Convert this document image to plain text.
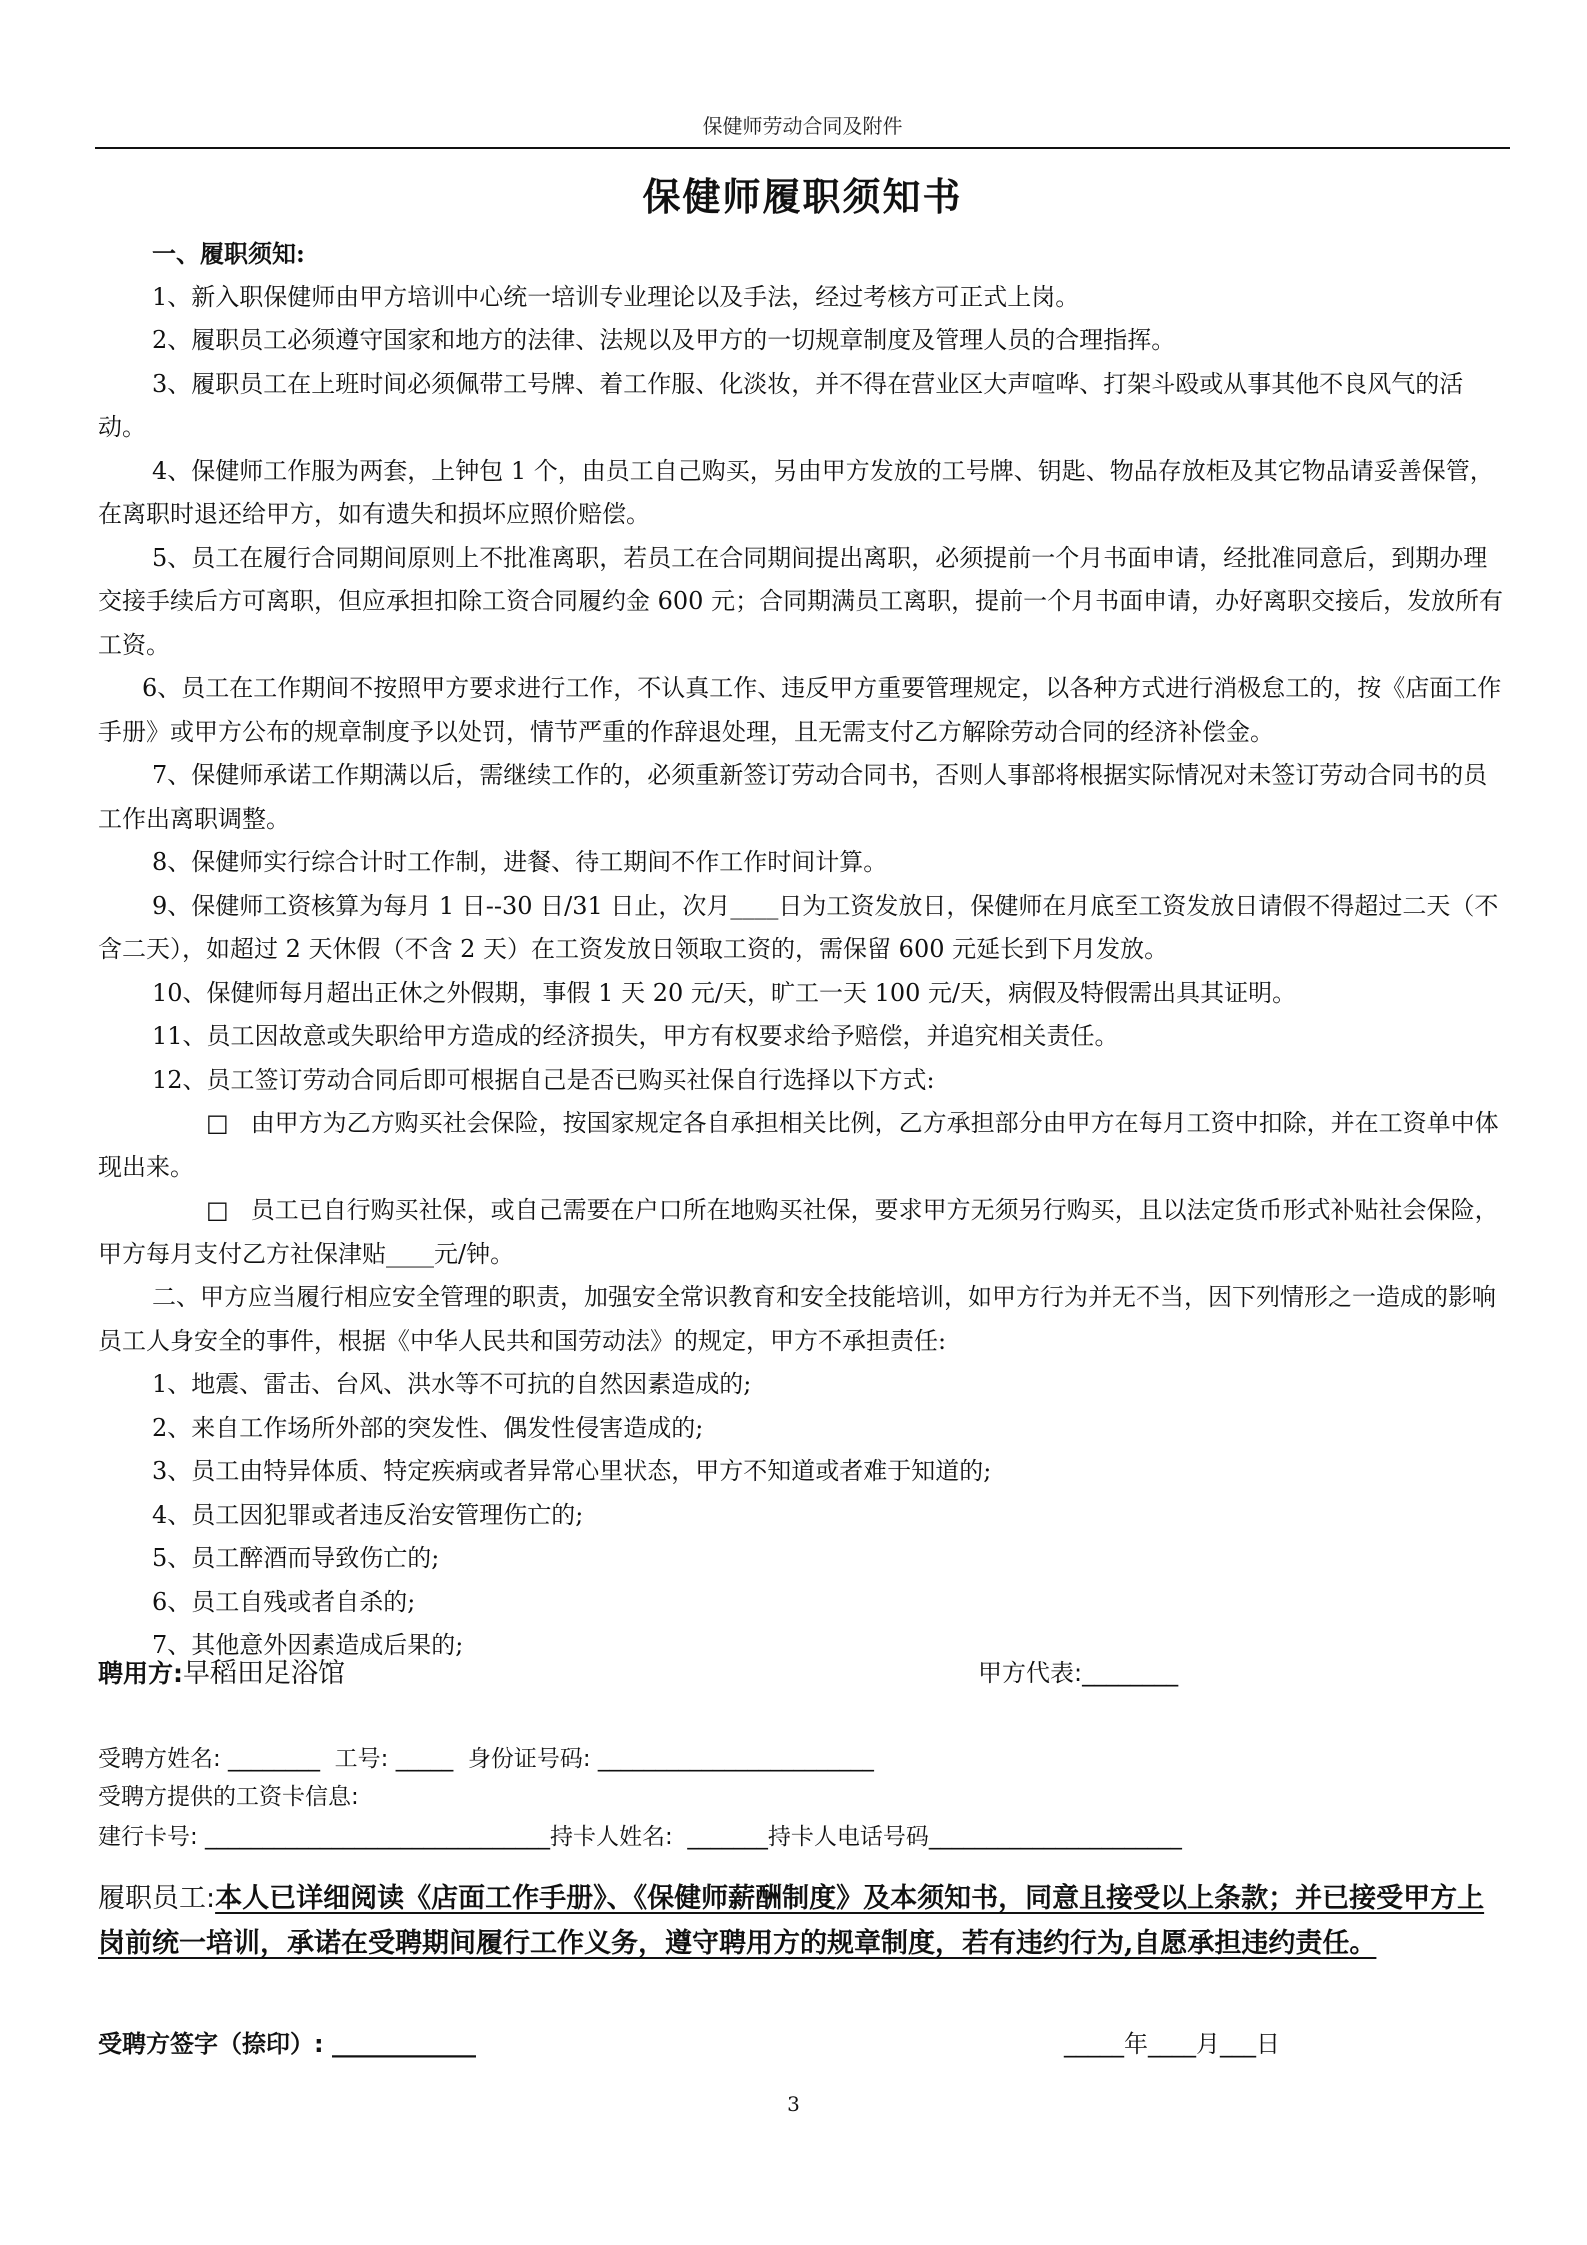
保健师劳动合同及附件
保健师履职须知书

一、履职须知:

1、新入职保健师由甲方培训中心统一培训专业理论以及手法，经过考核方可正式上岗。

2、履职员工必须遵守国家和地方的法律、法规以及甲方的一切规章制度及管理人员的合理指挥。

3、履职员工在上班时间必须佩带工号牌、着工作服、化淡妆，并不得在营业区大声喧哗、打架斗殴或从事其他不良风气的活动。

4、保健师工作服为两套，上钟包 1 个，由员工自己购买，另由甲方发放的工号牌、钥匙、物品存放柜及其它物品请妥善保管，在离职时退还给甲方，如有遗失和损坏应照价赔偿。

5、员工在履行合同期间原则上不批准离职，若员工在合同期间提出离职，必须提前一个月书面申请，经批准同意后，到期办理交接手续后方可离职，但应承担扣除工资合同履约金 600 元；合同期满员工离职，提前一个月书面申请，办好离职交接后，发放所有工资。

6、员工在工作期间不按照甲方要求进行工作，不认真工作、违反甲方重要管理规定，以各种方式进行消极怠工的，按《店面工作手册》或甲方公布的规章制度予以处罚，情节严重的作辞退处理，且无需支付乙方解除劳动合同的经济补偿金。

7、保健师承诺工作期满以后，需继续工作的，必须重新签订劳动合同书，否则人事部将根据实际情况对未签订劳动合同书的员工作出离职调整。

8、保健师实行综合计时工作制，进餐、待工期间不作工作时间计算。

9、保健师工资核算为每月 1 日--30 日/31 日止，次月____日为工资发放日，保健师在月底至工资发放日请假不得超过二天（不含二天），如超过 2 天休假（不含 2 天）在工资发放日领取工资的，需保留 600 元延长到下月发放。

10、保健师每月超出正休之外假期，事假 1 天 20 元/天，旷工一天 100 元/天，病假及特假需出具其证明。

11、员工因故意或失职给甲方造成的经济损失，甲方有权要求给予赔偿，并追究相关责任。

12、员工签订劳动合同后即可根据自己是否已购买社保自行选择以下方式:

□ 由甲方为乙方购买社会保险，按国家规定各自承担相关比例，乙方承担部分由甲方在每月工资中扣除，并在工资单中体现出来。

□ 员工已自行购买社保，或自己需要在户口所在地购买社保，要求甲方无须另行购买，且以法定货币形式补贴社会保险，甲方每月支付乙方社保津贴____元/钟。

二、甲方应当履行相应安全管理的职责，加强安全常识教育和安全技能培训，如甲方行为并无不当，因下列情形之一造成的影响员工人身安全的事件，根据《中华人民共和国劳动法》的规定，甲方不承担责任:

1、地震、雷击、台风、洪水等不可抗的自然因素造成的;

2、来自工作场所外部的突发性、偶发性侵害造成的;

3、员工由特异体质、特定疾病或者异常心里状态，甲方不知道或者难于知道的;

4、员工因犯罪或者违反治安管理伤亡的;

5、员工醉酒而导致伤亡的;

6、员工自残或者自杀的;

7、其他意外因素造成后果的;

聘用方:早稻田足浴馆	甲方代表:________
受聘方姓名: ________  工号: _____  身份证号码: ________________________
受聘方提供的工资卡信息:
建行卡号: ______________________________持卡人姓名:  _______持卡人电话号码______________________
履职员工:本人已详细阅读《店面工作手册》、《保健师薪酬制度》及本须知书，同意且接受以上条款；并已接受甲方上岗前统一培训，承诺在受聘期间履行工作义务，遵守聘用方的规章制度，若有违约行为,自愿承担违约责任。
受聘方签字（捺印）: ____________	_____年____月___日
3
